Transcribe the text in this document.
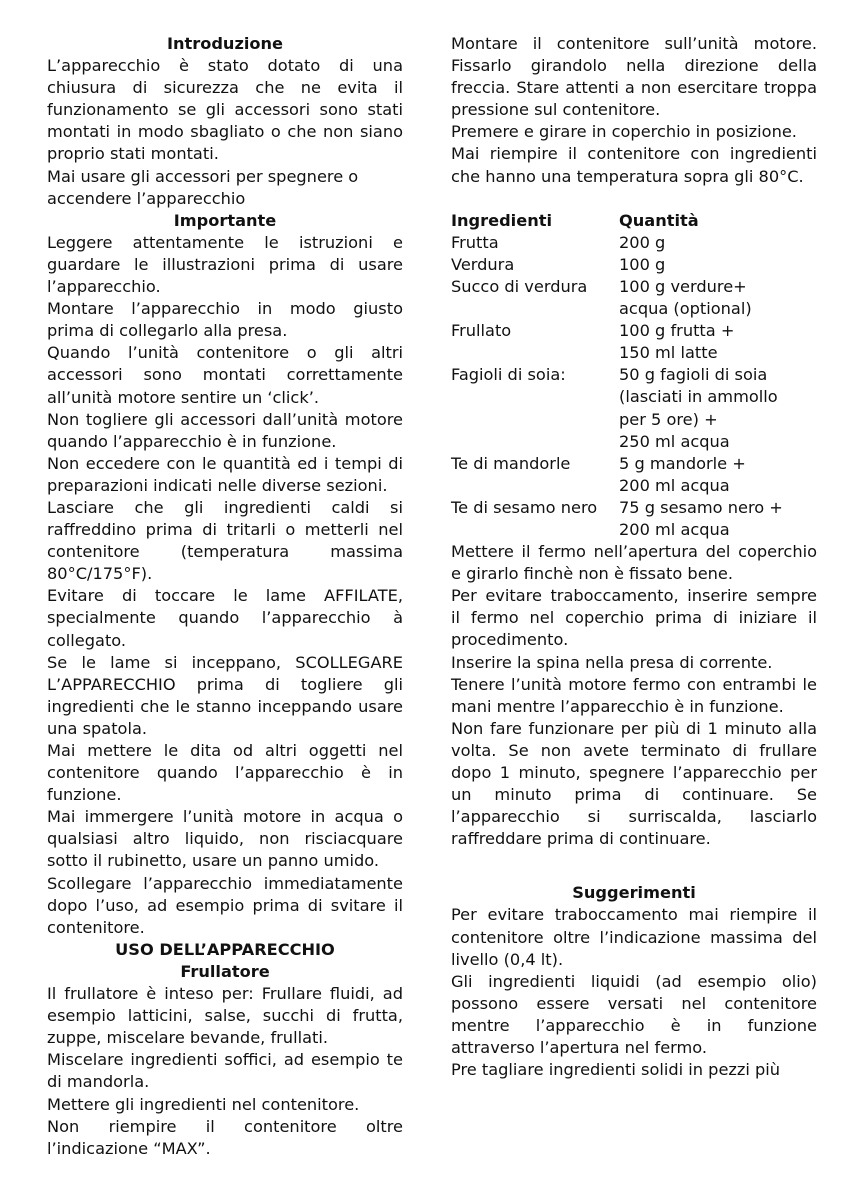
Introduzione

L’apparecchio è stato dotato di una chiusura di sicurezza che ne evita il funzionamento se gli accessori sono stati montati in modo sbagliato o che non siano proprio stati montati.

Mai usare gli accessori per spegnere o accendere l’apparecchio

Importante

Leggere attentamente le istruzioni e guardare le illustrazioni prima di usare l’apparecchio.

Montare l’apparecchio in modo giusto prima di collegarlo alla presa.

Quando l’unità contenitore o gli altri accessori sono montati correttamente all’unità motore sentire un ‘click’.

Non togliere gli accessori dall’unità motore quando l’apparecchio è in funzione.

Non eccedere con le quantità ed i tempi di preparazioni indicati nelle diverse sezioni.

Lasciare che gli ingredienti caldi si raffreddino prima di tritarli o metterli nel contenitore (temperatura massima 80°C/175°F).

Evitare di toccare le lame AFFILATE, specialmente quando l’apparecchio à collegato.

Se le lame si inceppano, SCOLLEGARE L’APPARECCHIO prima di togliere gli ingredienti che le stanno inceppando usare una spatola.

Mai mettere le dita od altri oggetti nel contenitore quando l’apparecchio è in funzione.

Mai immergere l’unità motore in acqua o qualsiasi altro liquido, non risciacquare sotto il rubinetto, usare un panno umido.

Scollegare l’apparecchio immediatamente dopo l’uso, ad esempio prima di svitare il contenitore.

USO DELL’APPARECCHIO
Frullatore

Il frullatore è inteso per: Frullare fluidi, ad esempio latticini, salse, succhi di frutta, zuppe, miscelare bevande, frullati.

Miscelare ingredienti soffici, ad esempio te di mandorla.

Mettere gli ingredienti nel contenitore.

Non riempire il contenitore oltre l’indicazione “MAX”.

Montare il contenitore sull’unità motore. Fissarlo girandolo nella direzione della freccia. Stare attenti a non esercitare troppa pressione sul contenitore.

Premere e girare in coperchio in posizione.

Mai riempire il contenitore con ingredienti che hanno una temperatura sopra gli 80°C.

Ingredienti	Quantità
Frutta	200 g
Verdura	100 g
Succo di verdura	100 g verdure+
acqua (optional)
Frullato	100 g frutta +
150 ml latte
Fagioli di soia:	50 g fagioli di soia
(lasciati in ammollo
per 5 ore) +
250 ml acqua
Te di mandorle	5 g mandorle +
200 ml acqua
Te di sesamo nero	75 g sesamo nero +
200 ml acqua

Mettere il fermo nell’apertura del coperchio e girarlo finchè non è fissato bene.

Per evitare traboccamento, inserire sempre il fermo nel coperchio prima di iniziare il procedimento.

Inserire la spina nella presa di corrente.

Tenere l’unità motore fermo con entrambi le mani mentre l’apparecchio è in funzione.

Non fare funzionare per più di 1 minuto alla volta. Se non avete terminato di frullare dopo 1 minuto, spegnere l’apparecchio per un minuto prima di continuare. Se l’apparecchio si surriscalda, lasciarlo raffreddare prima di continuare.

Suggerimenti

Per evitare traboccamento mai riempire il contenitore oltre l’indicazione massima del livello (0,4 lt).

Gli ingredienti liquidi (ad esempio olio) possono essere versati nel contenitore mentre l’apparecchio è in funzione attraverso l’apertura nel fermo.

Pre tagliare ingredienti solidi in pezzi più
